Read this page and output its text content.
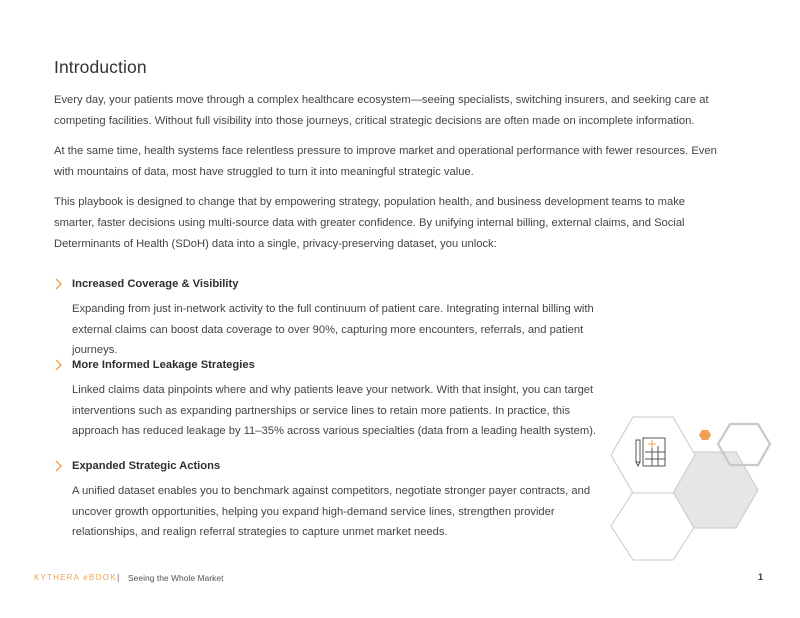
Introduction

Every day, your patients move through a complex healthcare ecosystem—seeing specialists, switching insurers, and seeking care at competing facilities. Without full visibility into those journeys, critical strategic decisions are often made on incomplete information.

At the same time, health systems face relentless pressure to improve market and operational performance with fewer resources. Even with mountains of data, most have struggled to turn it into meaningful strategic value.

This playbook is designed to change that by empowering strategy, population health, and business development teams to make smarter, faster decisions using multi-source data with greater confidence. By unifying internal billing, external claims, and Social Determinants of Health (SDoH) data into a single, privacy-preserving dataset, you unlock:

Increased Coverage & Visibility

Expanding from just in-network activity to the full continuum of patient care. Integrating internal billing with external claims can boost data coverage to over 90%, capturing more encounters, referrals, and patient journeys.

More Informed Leakage Strategies

Linked claims data pinpoints where and why patients leave your network. With that insight, you can target interventions such as expanding partnerships or service lines to retain more patients. In practice, this approach has reduced leakage by 11–35% across various specialties (data from a leading health system).

Expanded Strategic Actions

A unified dataset enables you to benchmark against competitors, negotiate stronger payer contracts, and uncover growth opportunities, helping you expand high-demand service lines, strengthen provider relationships, and realign referral strategies to capture unmet market needs.

KYTHERA eBOOK | Seeing the Whole Market	1
